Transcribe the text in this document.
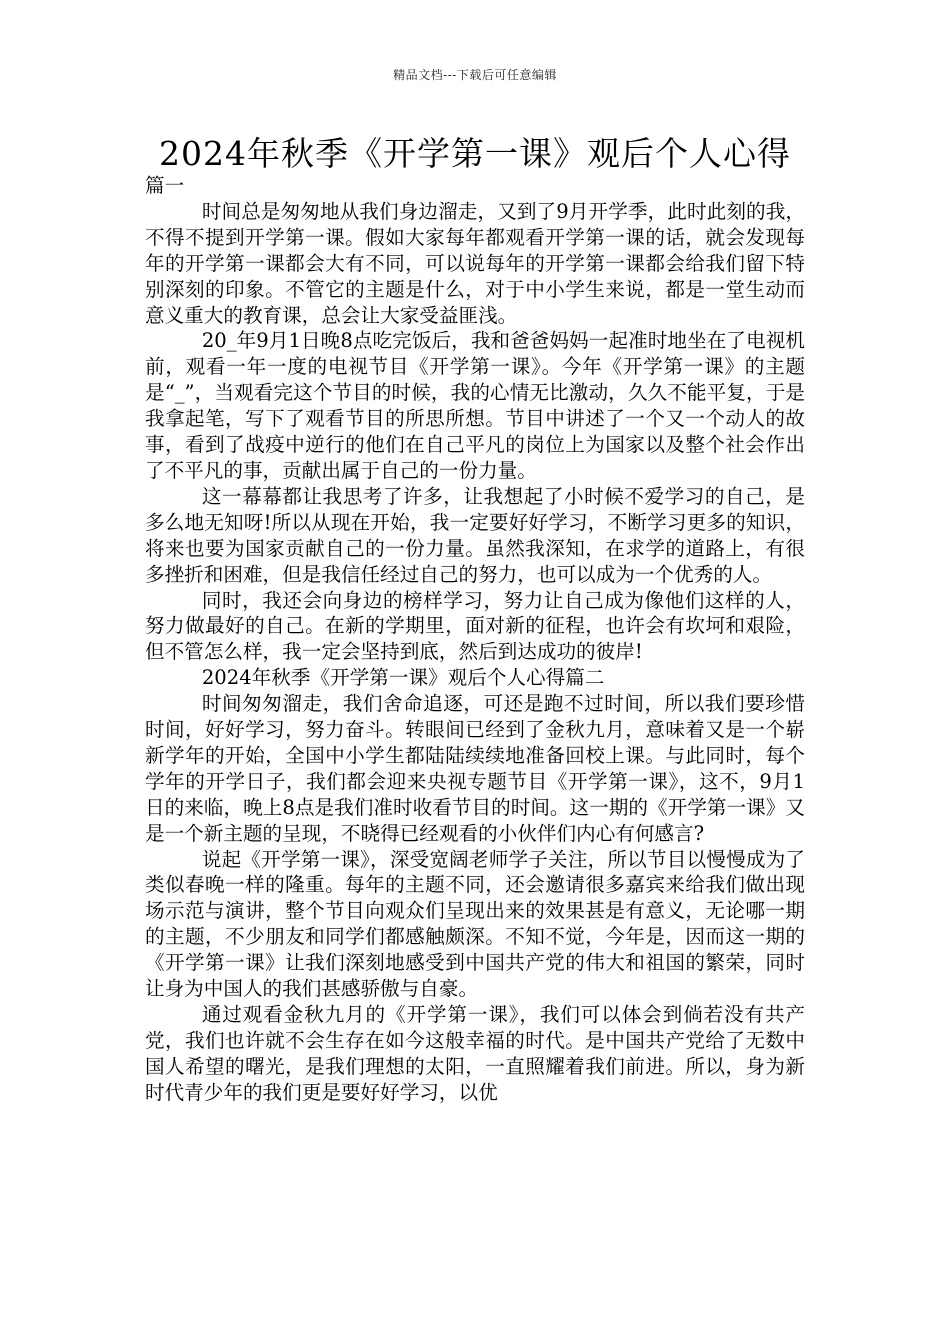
精品文档---下载后可任意编辑
2024年秋季《开学第一课》观后个人心得

篇一

时间总是匆匆地从我们身边溜走，又到了9月开学季，此时此刻的我，不得不提到开学第一课。假如大家每年都观看开学第一课的话，就会发现每年的开学第一课都会大有不同，可以说每年的开学第一课都会给我们留下特别深刻的印象。不管它的主题是什么，对于中小学生来说，都是一堂生动而意义重大的教育课，总会让大家受益匪浅。

20_年9月1日晚8点吃完饭后，我和爸爸妈妈一起准时地坐在了电视机前，观看一年一度的电视节目《开学第一课》。今年《开学第一课》的主题是“_”，当观看完这个节目的时候，我的心情无比激动，久久不能平复，于是我拿起笔，写下了观看节目的所思所想。节目中讲述了一个又一个动人的故事，看到了战疫中逆行的他们在自己平凡的岗位上为国家以及整个社会作出了不平凡的事，贡献出属于自己的一份力量。

这一幕幕都让我思考了许多，让我想起了小时候不爱学习的自己，是多么地无知呀!所以从现在开始，我一定要好好学习，不断学习更多的知识，将来也要为国家贡献自己的一份力量。虽然我深知，在求学的道路上，有很多挫折和困难，但是我信任经过自己的努力，也可以成为一个优秀的人。

同时，我还会向身边的榜样学习，努力让自己成为像他们这样的人，努力做最好的自己。在新的学期里，面对新的征程，也许会有坎坷和艰险，但不管怎么样，我一定会坚持到底，然后到达成功的彼岸!

2024年秋季《开学第一课》观后个人心得篇二

时间匆匆溜走，我们舍命追逐，可还是跑不过时间，所以我们要珍惜时间，好好学习，努力奋斗。转眼间已经到了金秋九月，意味着又是一个崭新学年的开始，全国中小学生都陆陆续续地准备回校上课。与此同时，每个学年的开学日子，我们都会迎来央视专题节目《开学第一课》，这不，9月1日的来临，晚上8点是我们准时收看节目的时间。这一期的《开学第一课》又是一个新主题的呈现，不晓得已经观看的小伙伴们内心有何感言?

说起《开学第一课》，深受宽阔老师学子关注，所以节目以慢慢成为了类似春晚一样的隆重。每年的主题不同，还会邀请很多嘉宾来给我们做出现场示范与演讲，整个节目向观众们呈现出来的效果甚是有意义，无论哪一期的主题，不少朋友和同学们都感触颇深。不知不觉，今年是，因而这一期的《开学第一课》让我们深刻地感受到中国共产党的伟大和祖国的繁荣，同时让身为中国人的我们甚感骄傲与自豪。

通过观看金秋九月的《开学第一课》，我们可以体会到倘若没有共产党，我们也许就不会生存在如今这般幸福的时代。是中国共产党给了无数中国人希望的曙光，是我们理想的太阳，一直照耀着我们前进。所以，身为新时代青少年的我们更是要好好学习，以优
